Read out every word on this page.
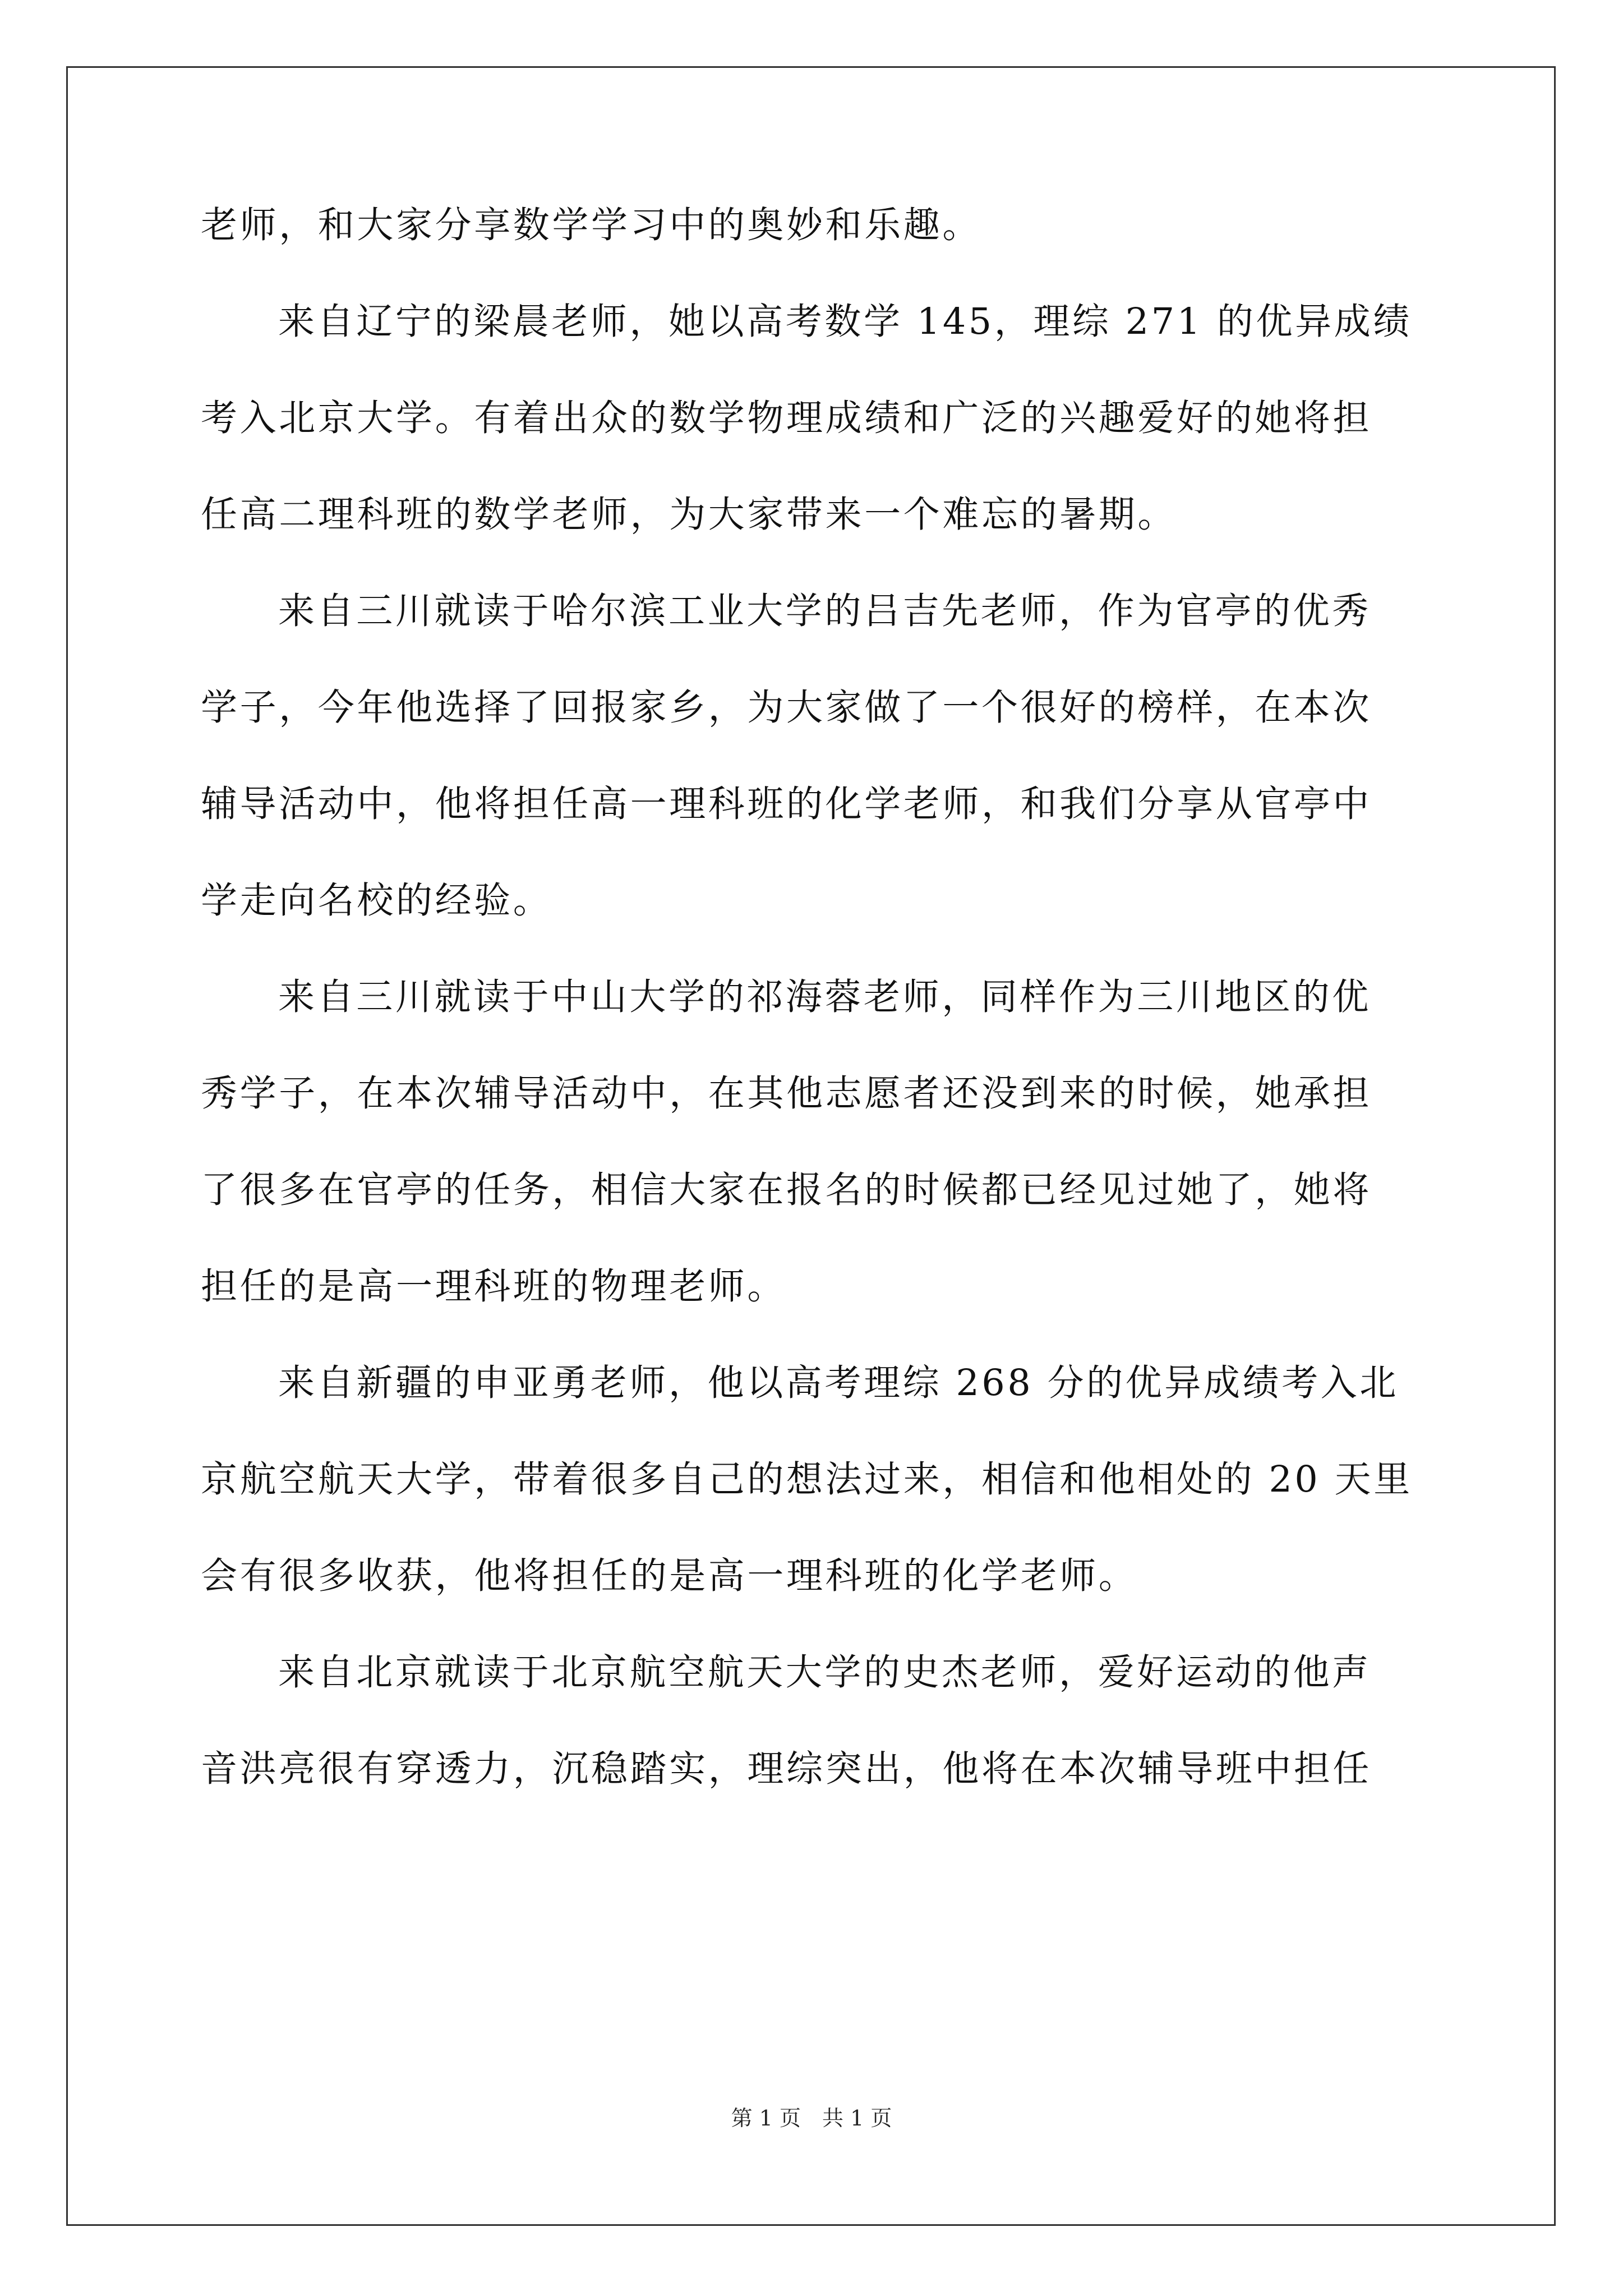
老师，和大家分享数学学习中的奥妙和乐趣。
来自辽宁的梁晨老师，她以高考数学 145，理综 271 的优异成绩
考入北京大学。有着出众的数学物理成绩和广泛的兴趣爱好的她将担
任高二理科班的数学老师，为大家带来一个难忘的暑期。
来自三川就读于哈尔滨工业大学的吕吉先老师，作为官亭的优秀
学子，今年他选择了回报家乡，为大家做了一个很好的榜样，在本次
辅导活动中，他将担任高一理科班的化学老师，和我们分享从官亭中
学走向名校的经验。
来自三川就读于中山大学的祁海蓉老师，同样作为三川地区的优
秀学子，在本次辅导活动中，在其他志愿者还没到来的时候，她承担
了很多在官亭的任务，相信大家在报名的时候都已经见过她了，她将
担任的是高一理科班的物理老师。
来自新疆的申亚勇老师，他以高考理综 268 分的优异成绩考入北
京航空航天大学，带着很多自己的想法过来，相信和他相处的 20 天里
会有很多收获，他将担任的是高一理科班的化学老师。
来自北京就读于北京航空航天大学的史杰老师，爱好运动的他声
音洪亮很有穿透力，沉稳踏实，理综突出，他将在本次辅导班中担任
第 1 页　共 1 页
